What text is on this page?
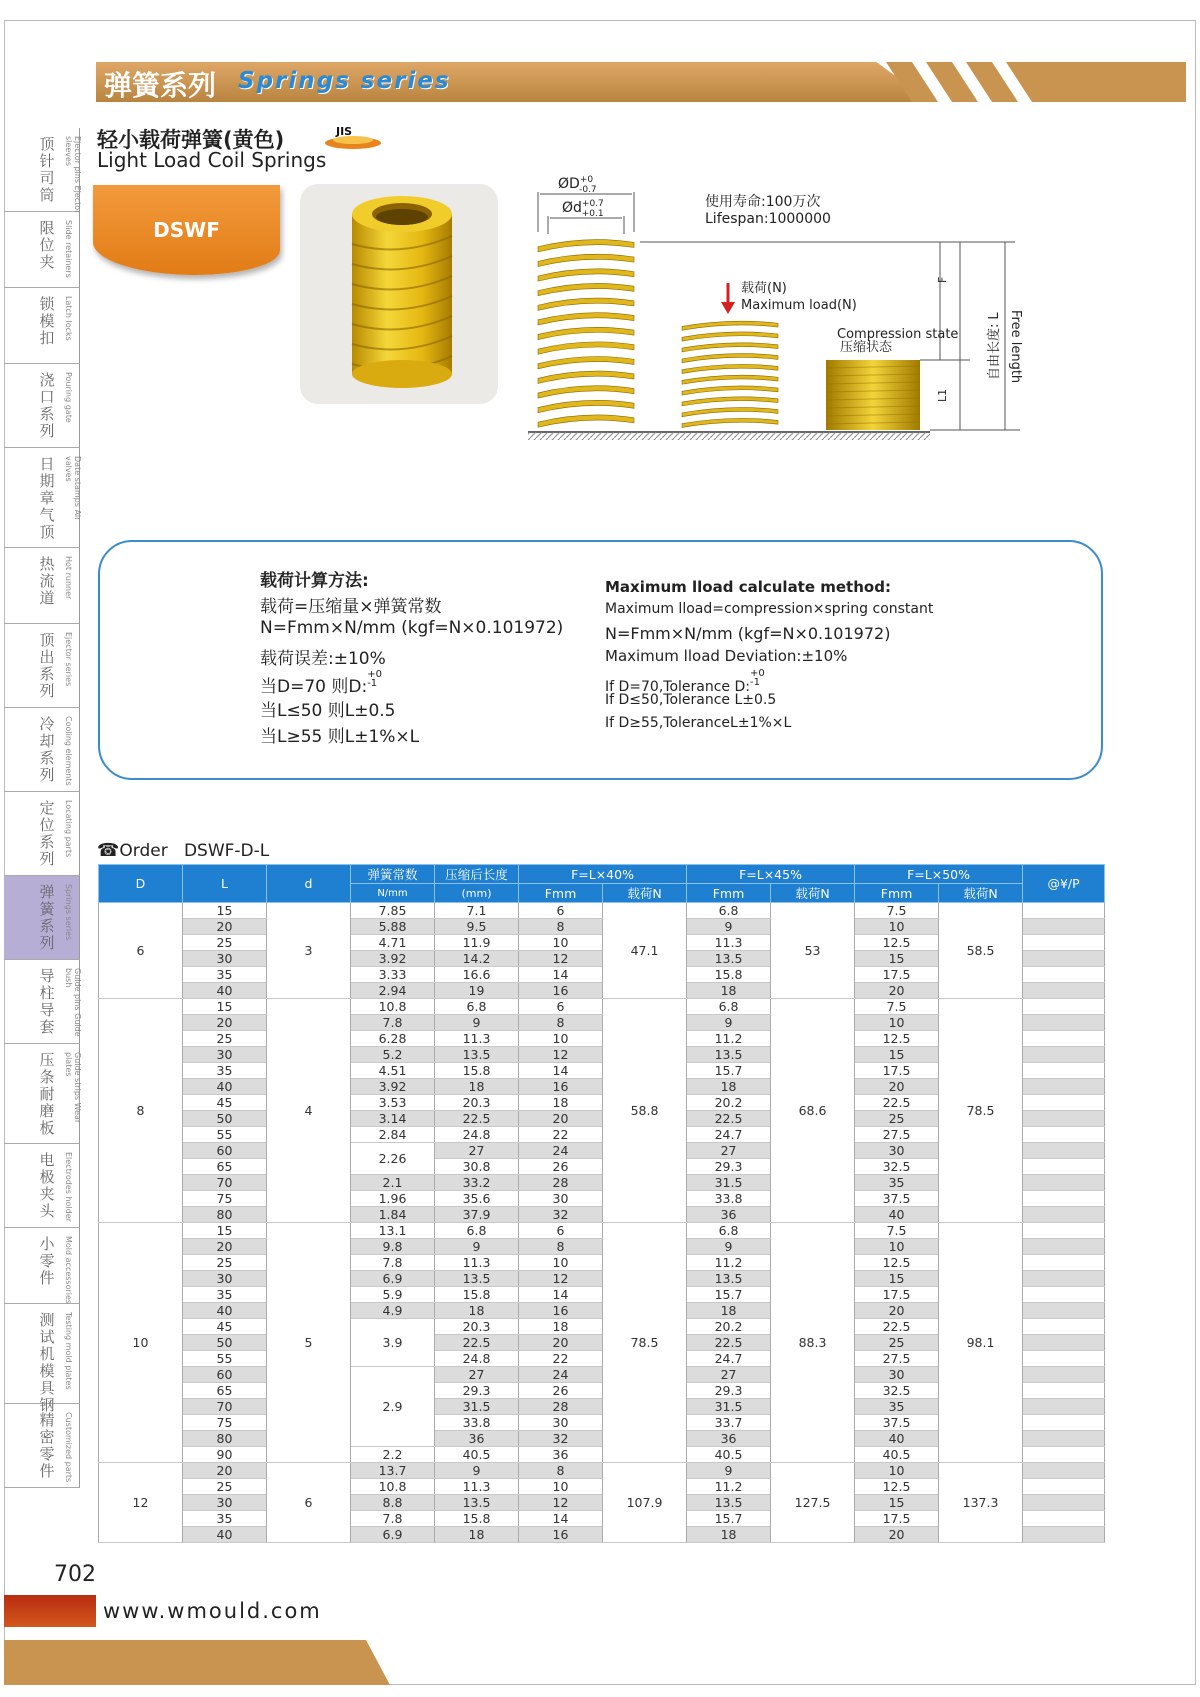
弹簧系列 Springs series
顶针司筒	Ejector pins Ejector sleeves
限位夹 Slide retainers
锁模扣 Latch locks
浇口系列
Pouring gate
日期章气顶
Date stamps Air valves
热流道 Hot runner
顶出系列
Ejector series
冷却系列 Cooling elements
定位系列
Locating parts
弹簧系列
Springs series
导柱导套	Guide pins Guide bush
压条耐磨板
Guide strips Wear plates
电极夹头 Electrodes holder
小零件 Mold accessories
测试机模具钢
Testing mold plates
精密零件 Customized parts
轻小载荷弹簧(黄色)
Light Load Coil Springs
JIS
DSWF
$ØD^{+0}$ -0.7
$Ød^{+0.7} +0.1$
使用寿命:100万次
Lifespan:1000000
载荷(N)
Maximum load(N)
Compression state
压缩状态
F
L1
自由长度:L Free length
载荷计算方法:
载荷=压缩量×弹簧常数
N=Fmm×N/mm (kgf=N×0.101972)
载荷误差:±10%
当D=70 则D:
$^{+0 -1}$
当L≤50 则L±0.5
当L≥55 则L±1%×L
Maximum lload calculate method:
Maximum lload=compression×spring constant
N=Fmm×N/mm (kgf=N×0.101972)
Maximum lload Deviation:±10%
If D=70,Tolerance D:
$^{+0 -1}$
If D≤50,Tolerance L±0.5
If D≥55,ToleranceL±1%×L
☎Order DSWF-D-L
D	L	d	弹簧常数	压缩后长度	F=L×40%		F=L×45%		F=L×50%		@¥/P
			N/mm	(mm)	Fmm	载荷N	Fmm	载荷N	Fmm	载荷N	
6	15	3	7.85	7.1	6	47.1	6.8	53	7.5	58.5	
	20		5.88	9.5	8		9		10		
	25		4.71	11.9	10		11.3		12.5		
	30		3.92	14.2	12		13.5		15		
	35		3.33	16.6	14		15.8		17.5		
	40		2.94	19	16		18		20		
8	15	4	10.8	6.8	6	58.8	6.8	68.6	7.5	78.5	
	20		7.8	9	8		9		10		
	25		6.28	11.3	10		11.2		12.5		
	30		5.2	13.5	12		13.5		15		
	35		4.51	15.8	14		15.7		17.5		
	40		3.92	18	16		18		20		
	45		3.53	20.3	18		20.2		22.5		
	50		3.14	22.5	20		22.5		25		
	55		2.84	24.8	22		24.7		27.5		
	60		2.26	27	24		27		30		
	65			30.8	26		29.3		32.5		
	70		2.1	33.2	28		31.5		35		
	75		1.96	35.6	30		33.8		37.5		
	80		1.84	37.9	32		36		40		
10	15	5	13.1	6.8	6	78.5	6.8	88.3	7.5	98.1	
	20		9.8	9	8		9		10		
	25		7.8	11.3	10		11.2		12.5		
	30		6.9	13.5	12		13.5		15		
	35		5.9	15.8	14		15.7		17.5		
	40		4.9	18	16		18		20		
	45		3.9	20.3	18		20.2		22.5		
	50			22.5	20		22.5		25		
	55			24.8	22		24.7		27.5		
	60		2.9	27	24		27		30		
	65			29.3	26		29.3		32.5		
	70			31.5	28		31.5		35		
	75			33.8	30		33.7		37.5		
	80			36	32		36		40		
	90		2.2	40.5	36		40.5		40.5		
12	20	6	13.7	9	8	107.9	9	127.5	10	137.3	
	25		10.8	11.3	10		11.2		12.5		
	30		8.8	13.5	12		13.5		15		
	35		7.8	15.8	14		15.7		17.5		
	40		6.9	18	16		18		20		
702
www.wmould.com
